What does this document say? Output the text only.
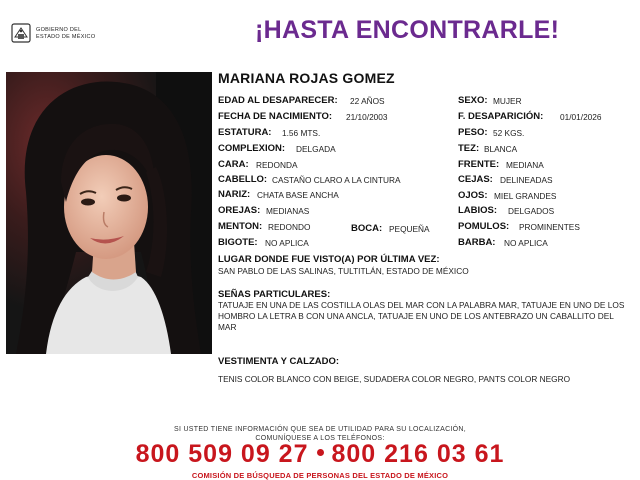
GOBIERNO DEL
ESTADO DE MÉXICO	¡HASTA ENCONTRARLE!
MARIANA ROJAS GOMEZ
EDAD AL DESAPARECER: 22 AÑOS
FECHA DE NACIMIENTO: 21/10/2003
ESTATURA: 1.56 MTS.
COMPLEXION: DELGADA
CARA: REDONDA
CABELLO: CASTAÑO CLARO A LA CINTURA
NARIZ: CHATA BASE ANCHA
OREJAS: MEDIANAS
MENTON: REDONDO	BOCA: PEQUEÑA
BIGOTE: NO APLICA
SEXO: MUJER
F. DESAPARICIÓN: 01/01/2026
PESO: 52 KGS.
TEZ: BLANCA
FRENTE: MEDIANA
CEJAS: DELINEADAS
OJOS: MIEL GRANDES
LABIOS: DELGADOS
POMULOS: PROMINENTES
BARBA: NO APLICA
LUGAR DONDE FUE VISTO(A) POR ÚLTIMA VEZ:
SAN PABLO DE LAS SALINAS, TULTITLÁN, ESTADO DE MÉXICO
SEÑAS PARTICULARES:
TATUAJE EN UNA DE LAS COSTILLA OLAS DEL MAR CON LA PALABRA MAR, TATUAJE EN UNO DE LOS HOMBRO LA LETRA B CON UNA ANCLA, TATUAJE EN UNO DE LOS ANTEBRAZO UN CABALLITO DEL MAR
VESTIMENTA Y CALZADO:
TENIS COLOR BLANCO CON BEIGE, SUDADERA COLOR NEGRO, PANTS COLOR NEGRO
SI USTED TIENE INFORMACIÓN QUE SEA DE UTILIDAD PARA SU LOCALIZACIÓN,
COMUNÍQUESE A LOS TELÉFONOS:
800 509 09 27 800 216 03 61
COMISIÓN DE BÚSQUEDA DE PERSONAS DEL ESTADO DE MÉXICO
